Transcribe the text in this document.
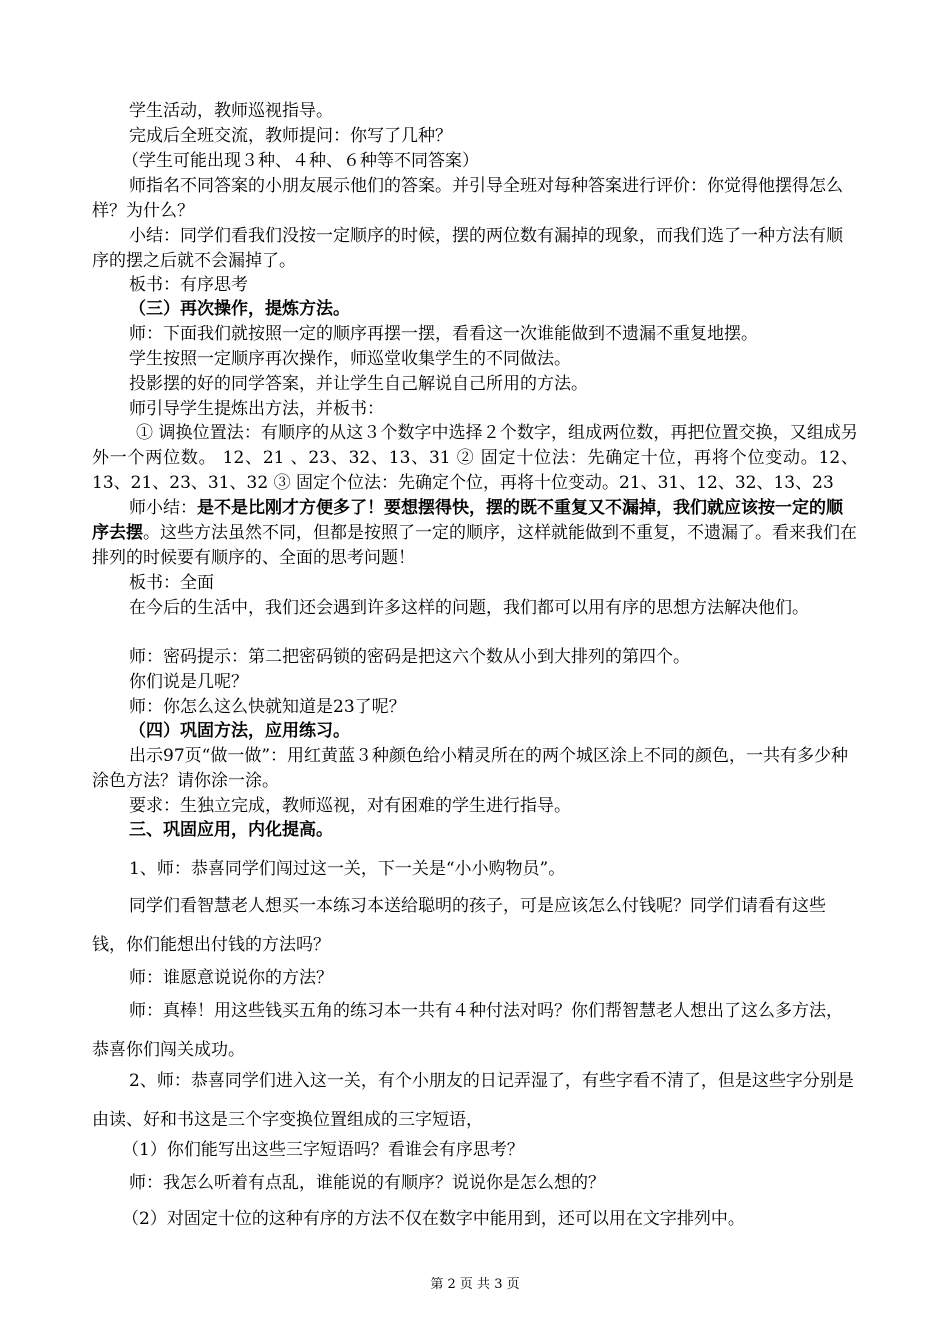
学生活动，教师巡视指导。

完成后全班交流，教师提问：你写了几种？

（学生可能出现３种、４种、６种等不同答案）

师指名不同答案的小朋友展示他们的答案。并引导全班对每种答案进行评价：你觉得他摆得怎么样？为什么？

小结：同学们看我们没按一定顺序的时候，摆的两位数有漏掉的现象，而我们选了一种方法有顺序的摆之后就不会漏掉了。

板书：有序思考

（三）再次操作，提炼方法。

师：下面我们就按照一定的顺序再摆一摆，看看这一次谁能做到不遗漏不重复地摆。

学生按照一定顺序再次操作，师巡堂收集学生的不同做法。

投影摆的好的同学答案，并让学生自己解说自己所用的方法。

师引导学生提炼出方法，并板书：

① 调换位置法：有顺序的从这３个数字中选择２个数字，组成两位数，再把位置交换，又组成另外一个两位数。 12、21 、23、32、13、31 ② 固定十位法：先确定十位，再将个位变动。12、13、21、23、31、32 ③ 固定个位法：先确定个位，再将十位变动。21、31、12、32、13、23

师小结：是不是比刚才方便多了！要想摆得快，摆的既不重复又不漏掉，我们就应该按一定的顺序去摆。这些方法虽然不同，但都是按照了一定的顺序，这样就能做到不重复，不遗漏了。看来我们在排列的时候要有顺序的、全面的思考问题！

板书：全面

在今后的生活中，我们还会遇到许多这样的问题，我们都可以用有序的思想方法解决他们。

师：密码提示：第二把密码锁的密码是把这六个数从小到大排列的第四个。

你们说是几呢？

师：你怎么这么快就知道是23了呢？

（四）巩固方法，应用练习。

出示97页“做一做”：用红黄蓝３种颜色给小精灵所在的两个城区涂上不同的颜色，一共有多少种涂色方法？请你涂一涂。

要求：生独立完成，教师巡视，对有困难的学生进行指导。

三、巩固应用，内化提高。

1、师：恭喜同学们闯过这一关，下一关是“小小购物员”。

同学们看智慧老人想买一本练习本送给聪明的孩子，可是应该怎么付钱呢？同学们请看有这些钱，你们能想出付钱的方法吗？

师：谁愿意说说你的方法？

师：真棒！用这些钱买五角的练习本一共有４种付法对吗？你们帮智慧老人想出了这么多方法，恭喜你们闯关成功。

2、师：恭喜同学们进入这一关，有个小朋友的日记弄湿了，有些字看不清了，但是这些字分别是由读、好和书这是三个字变换位置组成的三字短语，

（1）你们能写出这些三字短语吗？看谁会有序思考？

师：我怎么听着有点乱，谁能说的有顺序？说说你是怎么想的？

（2）对固定十位的这种有序的方法不仅在数字中能用到，还可以用在文字排列中。

第 2 页 共 3 页
